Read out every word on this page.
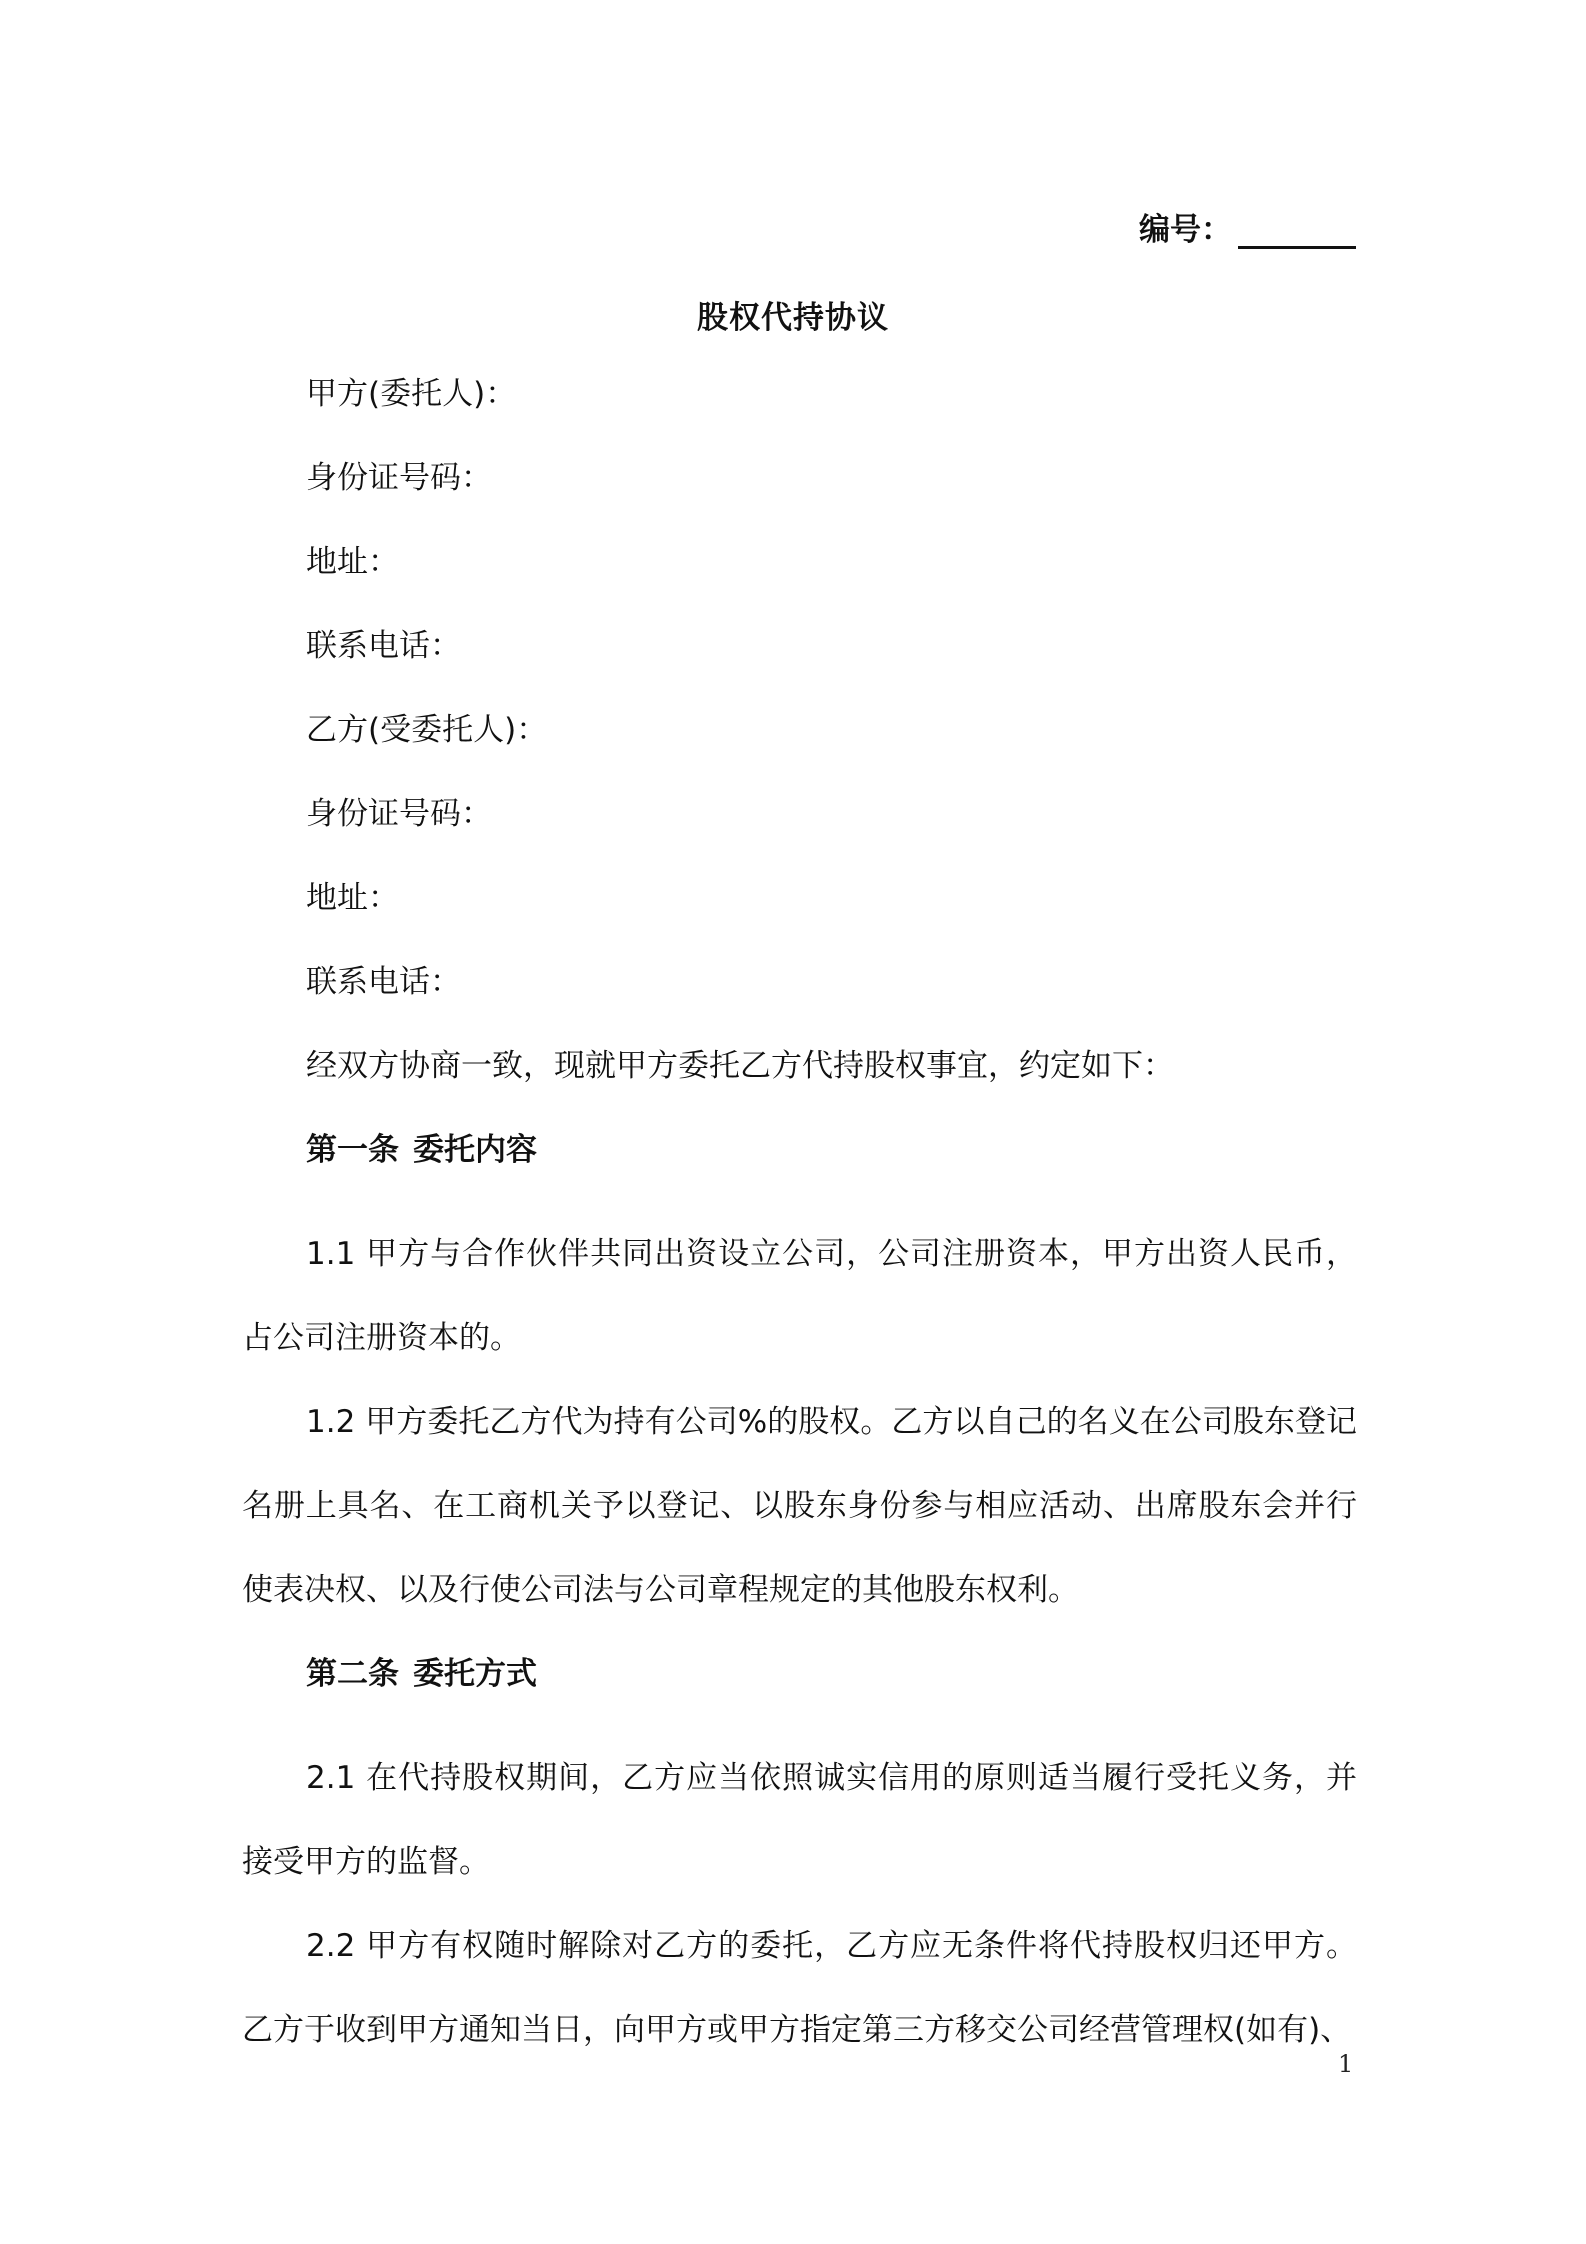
编号：
股权代持协议
甲方(委托人)：
身份证号码：
地址：
联系电话：
乙方(受委托人)：
身份证号码：
地址：
联系电话：
经双方协商一致，现就甲方委托乙方代持股权事宜，约定如下：
第一条 委托内容
1.1 甲方与合作伙伴共同出资设立公司，公司注册资本，甲方出资人民币，占公司注册资本的。
1.2 甲方委托乙方代为持有公司%的股权。乙方以自己的名义在公司股东登记名册上具名、在工商机关予以登记、以股东身份参与相应活动、出席股东会并行使表决权、以及行使公司法与公司章程规定的其他股东权利。
第二条 委托方式
2.1 在代持股权期间，乙方应当依照诚实信用的原则适当履行受托义务，并接受甲方的监督。
2.2 甲方有权随时解除对乙方的委托，乙方应无条件将代持股权归还甲方。乙方于收到甲方通知当日，向甲方或甲方指定第三方移交公司经营管理权(如有)、
1
